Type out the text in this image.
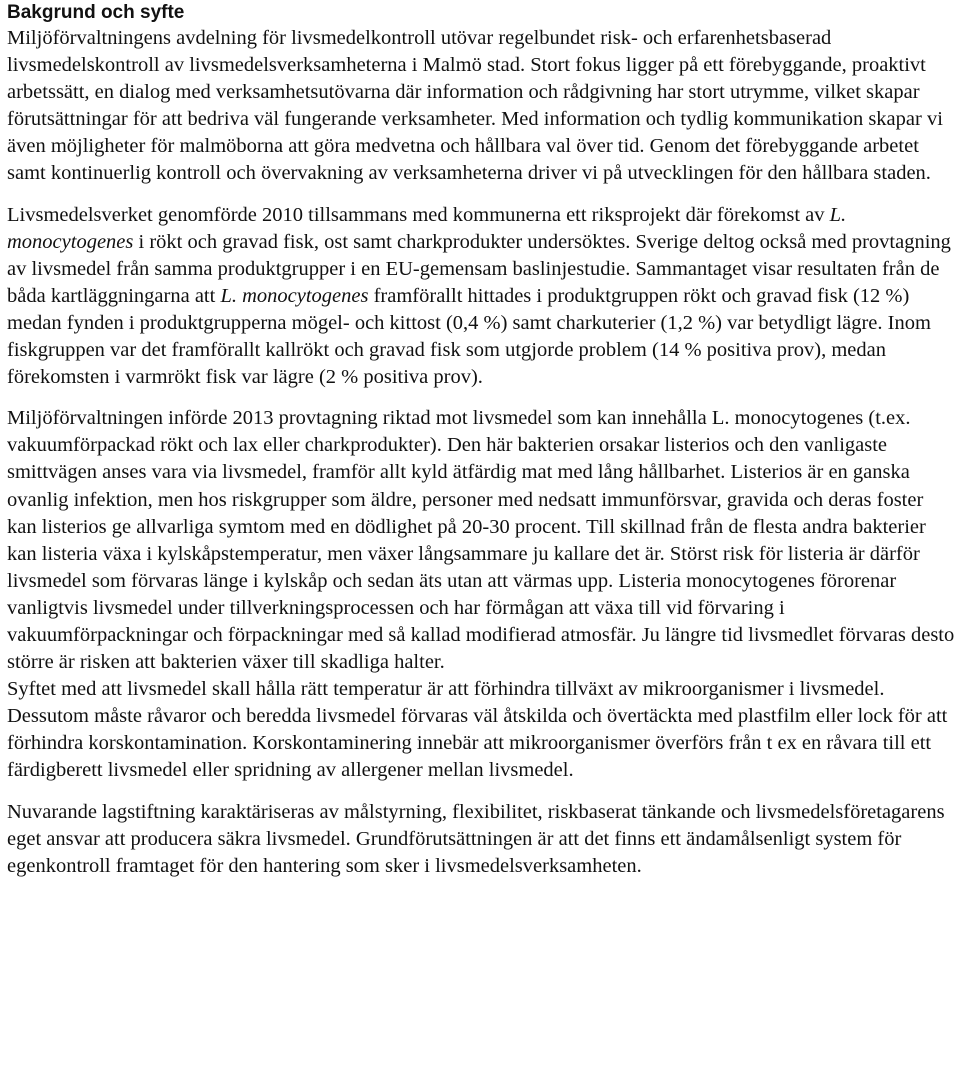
Bakgrund och syfte

Miljöförvaltningens avdelning för livsmedelkontroll utövar regelbundet risk- och erfarenhetsbaserad livsmedelskontroll av livsmedelsverksamheterna i Malmö stad. Stort fokus ligger på ett förebyggande, proaktivt arbetssätt, en dialog med verksamhetsutövarna där information och rådgivning har stort utrymme, vilket skapar förutsättningar för att bedriva väl fungerande verksamheter. Med information och tydlig kommunikation skapar vi även möjligheter för malmöborna att göra medvetna och hållbara val över tid. Genom det förebyggande arbetet samt kontinuerlig kontroll och övervakning av verksamheterna driver vi på utvecklingen för den hållbara staden.

Livsmedelsverket genomförde 2010 tillsammans med kommunerna ett riksprojekt där förekomst av L. monocytogenes i rökt och gravad fisk, ost samt charkprodukter undersöktes. Sverige deltog också med provtagning av livsmedel från samma produktgrupper i en EU-gemensam baslinjestudie. Sammantaget visar resultaten från de båda kartläggningarna att L. monocytogenes framförallt hittades i produktgruppen rökt och gravad fisk (12 %) medan fynden i produktgrupperna mögel- och kittost (0,4 %) samt charkuterier (1,2 %) var betydligt lägre. Inom fiskgruppen var det framförallt kallrökt och gravad fisk som utgjorde problem (14 % positiva prov), medan förekomsten i varmrökt fisk var lägre (2 % positiva prov).

Miljöförvaltningen införde 2013 provtagning riktad mot livsmedel som kan innehålla L. monocytogenes (t.ex. vakuumförpackad rökt och lax eller charkprodukter). Den här bakterien orsakar listerios och den vanligaste smittvägen anses vara via livsmedel, framför allt kyld ätfärdig mat med lång hållbarhet. Listerios är en ganska ovanlig infektion, men hos riskgrupper som äldre, personer med nedsatt immunförsvar, gravida och deras foster kan listerios ge allvarliga symtom med en dödlighet på 20-30 procent. Till skillnad från de flesta andra bakterier kan listeria växa i kylskåpstemperatur, men växer långsammare ju kallare det är. Störst risk för listeria är därför livsmedel som förvaras länge i kylskåp och sedan äts utan att värmas upp. Listeria monocytogenes förorenar vanligtvis livsmedel under tillverkningsprocessen och har förmågan att växa till vid förvaring i vakuumförpackningar och förpackningar med så kallad modifierad atmosfär. Ju längre tid livsmedlet förvaras desto större är risken att bakterien växer till skadliga halter.

Syftet med att livsmedel skall hålla rätt temperatur är att förhindra tillväxt av mikroorganismer i livsmedel. Dessutom måste råvaror och beredda livsmedel förvaras väl åtskilda och övertäckta med plastfilm eller lock för att förhindra korskontamination. Korskontaminering innebär att mikroorganismer överförs från t ex en råvara till ett färdigberett livsmedel eller spridning av allergener mellan livsmedel.

Nuvarande lagstiftning karaktäriseras av målstyrning, flexibilitet, riskbaserat tänkande och livsmedelsföretagarens eget ansvar att producera säkra livsmedel. Grundförutsättningen är att det finns ett ändamålsenligt system för egenkontroll framtaget för den hantering som sker i livsmedelsverksamheten.
